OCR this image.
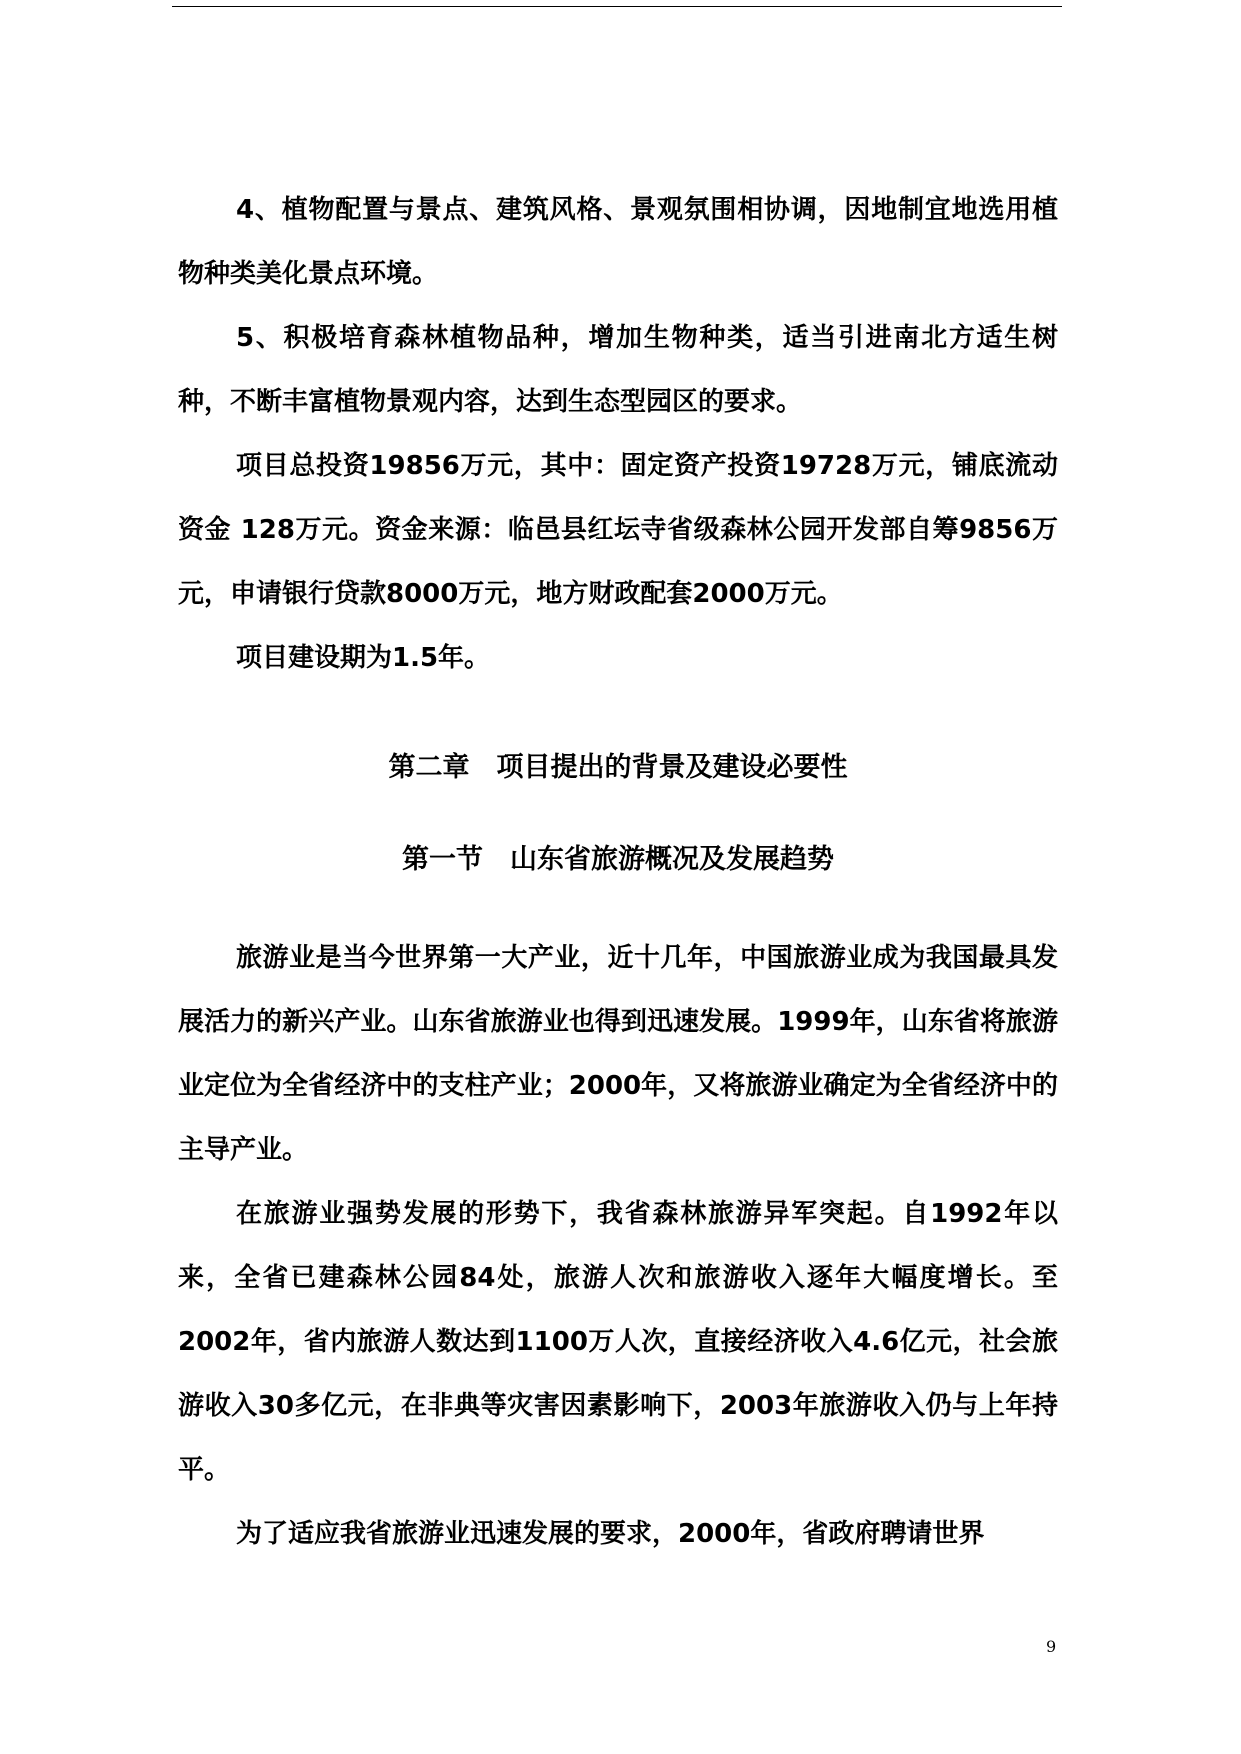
4、植物配置与景点、建筑风格、景观氛围相协调，因地制宜地选用植物种类美化景点环境。

5、积极培育森林植物品种，增加生物种类，适当引进南北方适生树种，不断丰富植物景观内容，达到生态型园区的要求。

项目总投资19856万元，其中：固定资产投资19728万元，铺底流动资金 128万元。资金来源：临邑县红坛寺省级森林公园开发部自筹9856万元，申请银行贷款8000万元，地方财政配套2000万元。

项目建设期为1.5年。

第二章　项目提出的背景及建设必要性
第一节　山东省旅游概况及发展趋势

旅游业是当今世界第一大产业，近十几年，中国旅游业成为我国最具发展活力的新兴产业。山东省旅游业也得到迅速发展。1999年，山东省将旅游业定位为全省经济中的支柱产业；2000年，又将旅游业确定为全省经济中的主导产业。

在旅游业强势发展的形势下，我省森林旅游异军突起。自1992年以来，全省已建森林公园84处，旅游人次和旅游收入逐年大幅度增长。至2002年，省内旅游人数达到1100万人次，直接经济收入4.6亿元，社会旅游收入30多亿元，在非典等灾害因素影响下，2003年旅游收入仍与上年持平。

为了适应我省旅游业迅速发展的要求，2000年，省政府聘请世界

9
